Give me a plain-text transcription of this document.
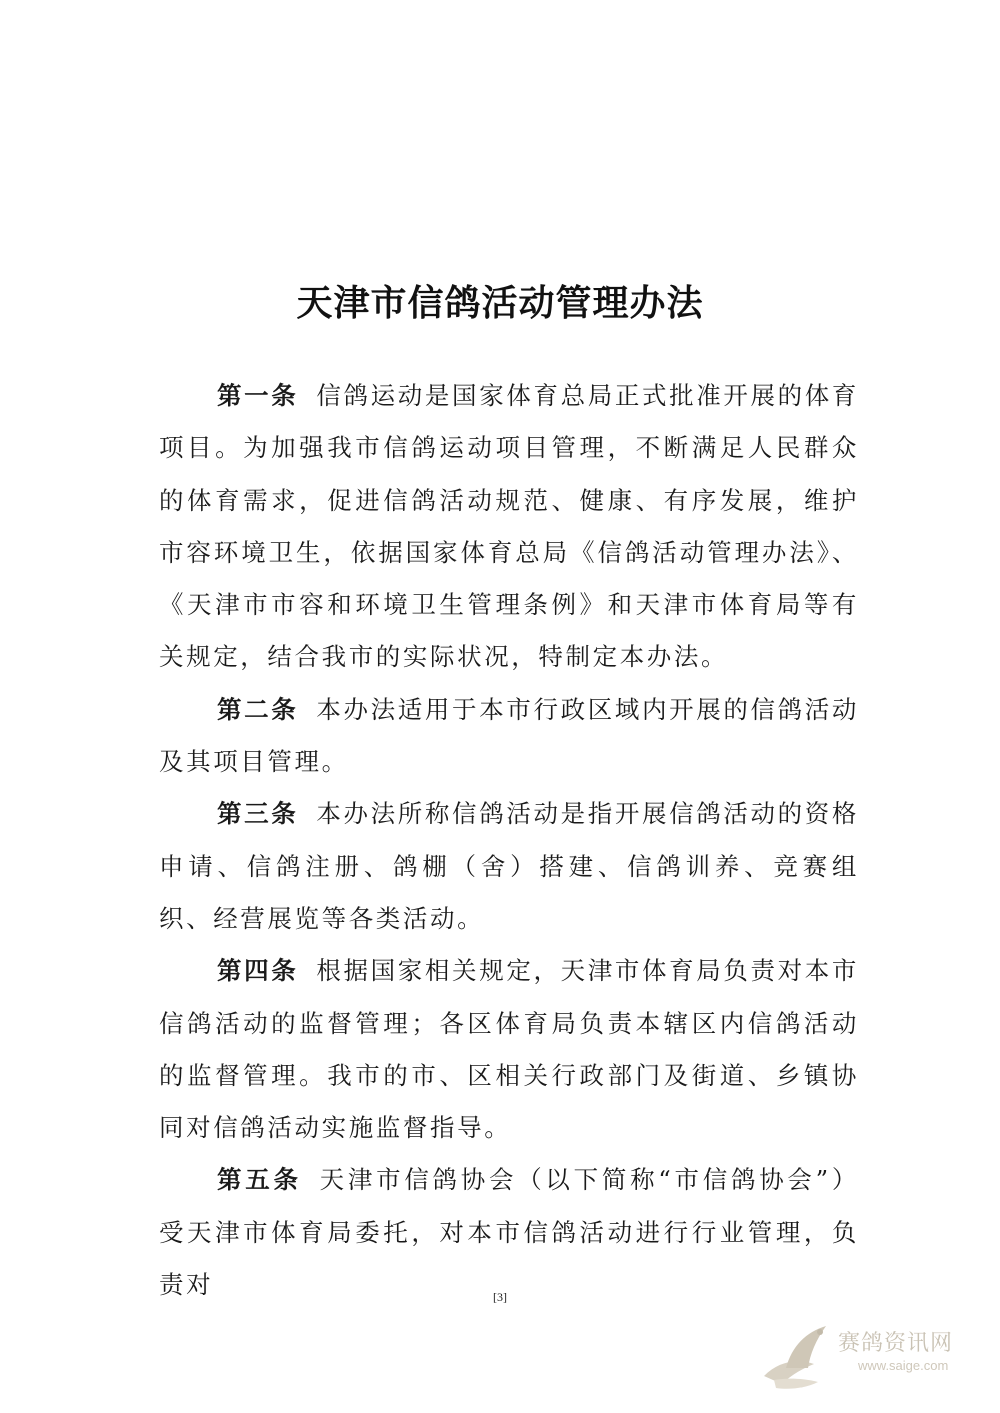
天津市信鸽活动管理办法

第一条 信鸽运动是国家体育总局正式批准开展的体育项目。为加强我市信鸽运动项目管理，不断满足人民群众的体育需求，促进信鸽活动规范、健康、有序发展，维护市容环境卫生，依据国家体育总局《信鸽活动管理办法》、《天津市市容和环境卫生管理条例》和天津市体育局等有关规定，结合我市的实际状况，特制定本办法。

第二条 本办法适用于本市行政区域内开展的信鸽活动及其项目管理。

第三条 本办法所称信鸽活动是指开展信鸽活动的资格申请、信鸽注册、鸽棚（舍）搭建、信鸽训养、竞赛组织、经营展览等各类活动。

第四条 根据国家相关规定，天津市体育局负责对本市信鸽活动的监督管理；各区体育局负责本辖区内信鸽活动的监督管理。我市的市、区相关行政部门及街道、乡镇协同对信鸽活动实施监督指导。

第五条 天津市信鸽协会（以下简称“市信鸽协会”）受天津市体育局委托，对本市信鸽活动进行行业管理，负责对	[3]
赛鸽资讯网
www.saige.com
